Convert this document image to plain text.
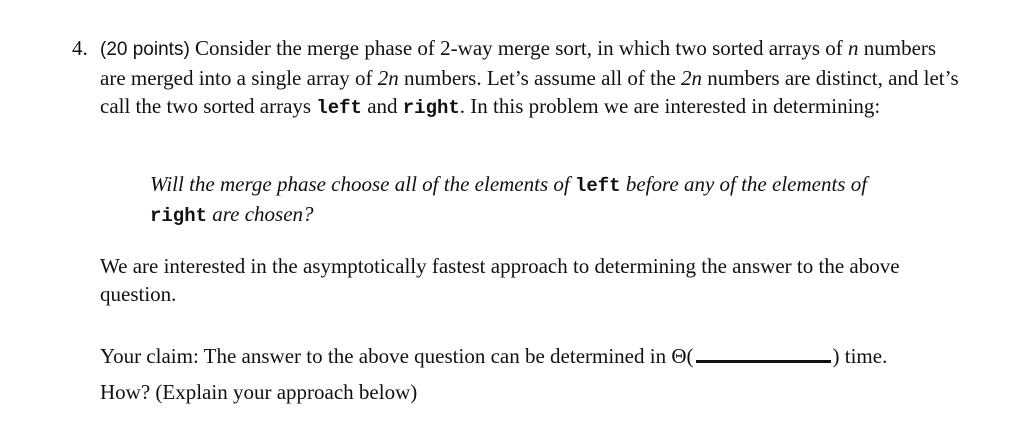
4. (20 points) Consider the merge phase of 2-way merge sort, in which two sorted arrays of n numbers are merged into a single array of 2n numbers. Let’s assume all of the 2n numbers are distinct, and let’s call the two sorted arrays left and right. In this problem we are interested in determining:

Will the merge phase choose all of the elements of left before any of the elements of right are chosen?

We are interested in the asymptotically fastest approach to determining the answer to the above question.

Your claim: The answer to the above question can be determined in Θ(	) time.

How? (Explain your approach below)
